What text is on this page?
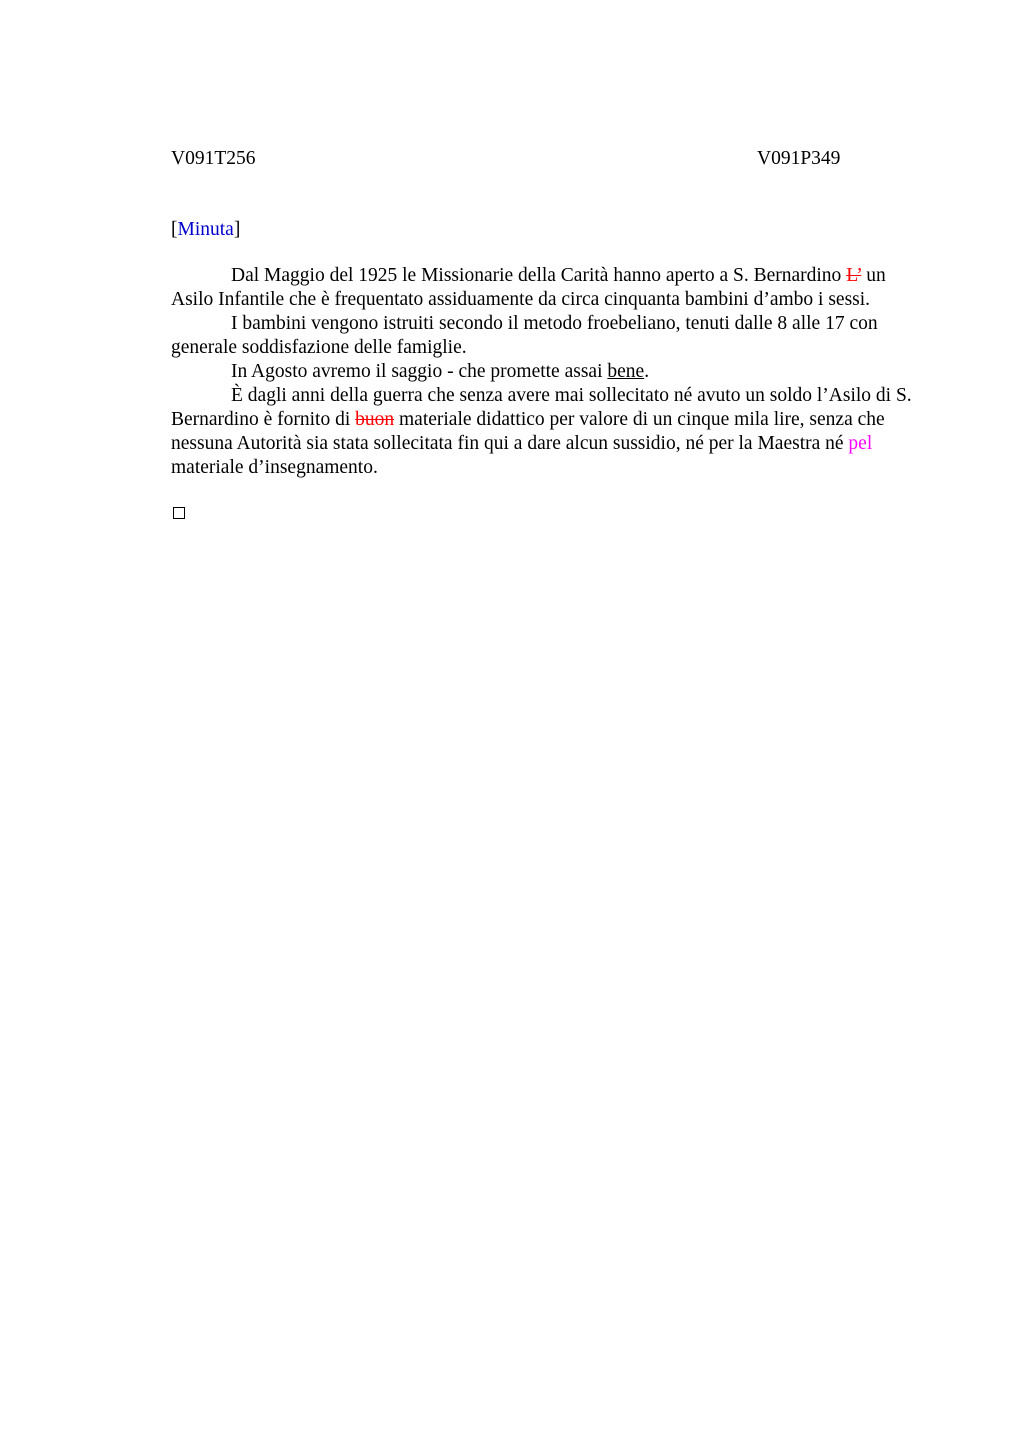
V091T256	V091P349
[Minuta]

Dal Maggio del 1925 le Missionarie della Carità hanno aperto a S. Bernardino L’ un Asilo Infantile che è frequentato assiduamente da circa cinquanta bambini d’ambo i sessi.

I bambini vengono istruiti secondo il metodo froebeliano, tenuti dalle 8 alle 17 con generale soddisfazione delle famiglie.

In Agosto avremo il saggio - che promette assai bene.

È dagli anni della guerra che senza avere mai sollecitato né avuto un soldo l’Asilo di S. Bernardino è fornito di buon materiale didattico per valore di un cinque mila lire, senza che nessuna Autorità sia stata sollecitata fin qui a dare alcun sussidio, né per la Maestra né pel materiale d’insegnamento.
